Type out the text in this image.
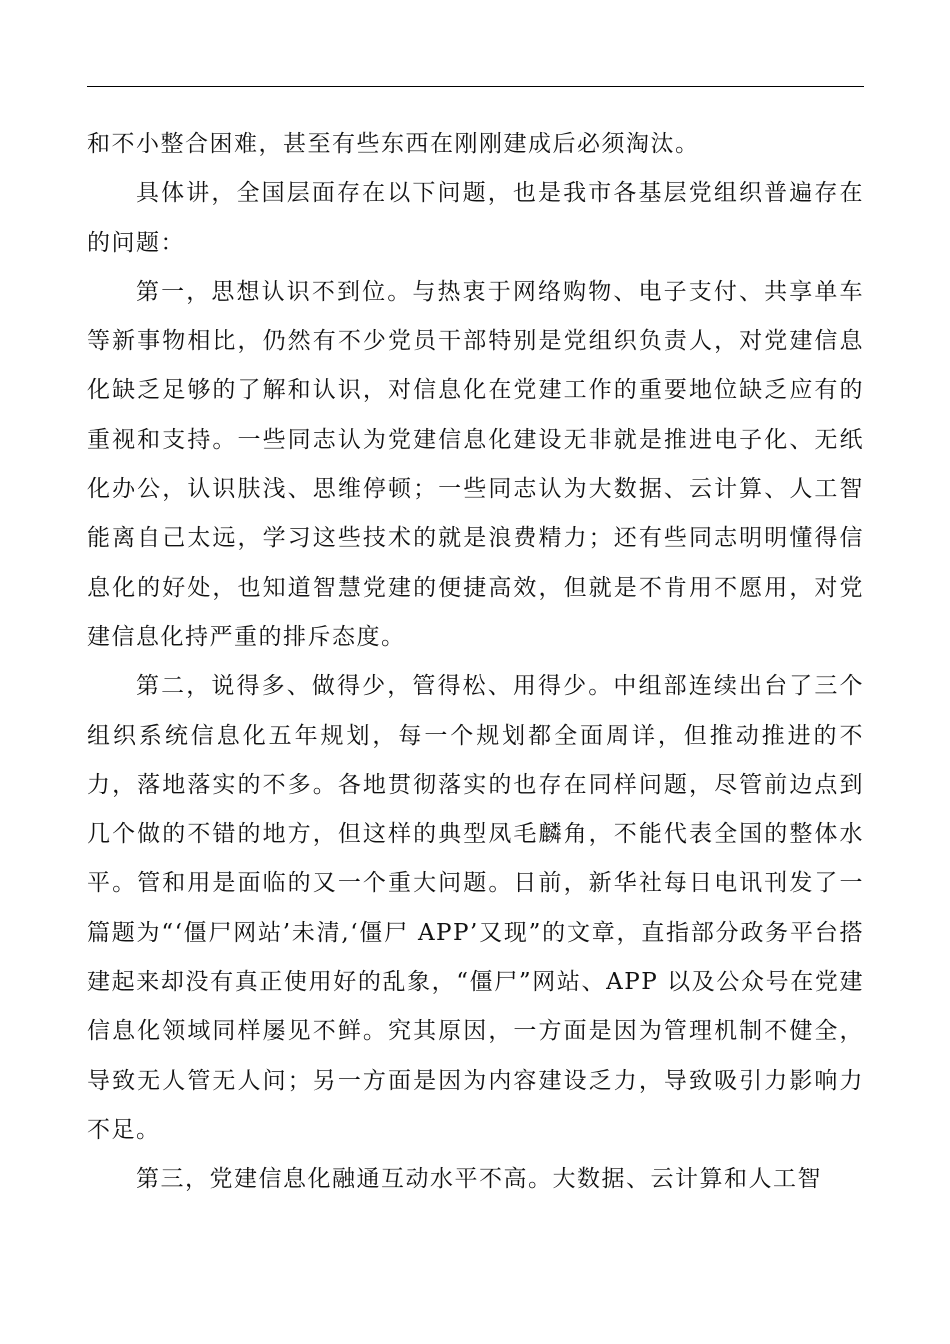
和不小整合困难，甚至有些东西在刚刚建成后必须淘汰。

具体讲，全国层面存在以下问题，也是我市各基层党组织普遍存在的问题：

第一，思想认识不到位。与热衷于网络购物、电子支付、共享单车等新事物相比，仍然有不少党员干部特别是党组织负责人，对党建信息化缺乏足够的了解和认识，对信息化在党建工作的重要地位缺乏应有的重视和支持。一些同志认为党建信息化建设无非就是推进电子化、无纸化办公，认识肤浅、思维停顿；一些同志认为大数据、云计算、人工智能离自己太远，学习这些技术的就是浪费精力；还有些同志明明懂得信息化的好处，也知道智慧党建的便捷高效，但就是不肯用不愿用，对党建信息化持严重的排斥态度。

第二，说得多、做得少，管得松、用得少。中组部连续出台了三个组织系统信息化五年规划，每一个规划都全面周详，但推动推进的不力，落地落实的不多。各地贯彻落实的也存在同样问题，尽管前边点到几个做的不错的地方，但这样的典型凤毛麟角，不能代表全国的整体水平。管和用是面临的又一个重大问题。日前，新华社每日电讯刊发了一篇题为“‘僵尸网站’未清,‘僵尸 APP’又现”的文章，直指部分政务平台搭建起来却没有真正使用好的乱象，“僵尸”网站、APP 以及公众号在党建信息化领域同样屡见不鲜。究其原因，一方面是因为管理机制不健全，导致无人管无人问；另一方面是因为内容建设乏力，导致吸引力影响力不足。

第三，党建信息化融通互动水平不高。大数据、云计算和人工智
